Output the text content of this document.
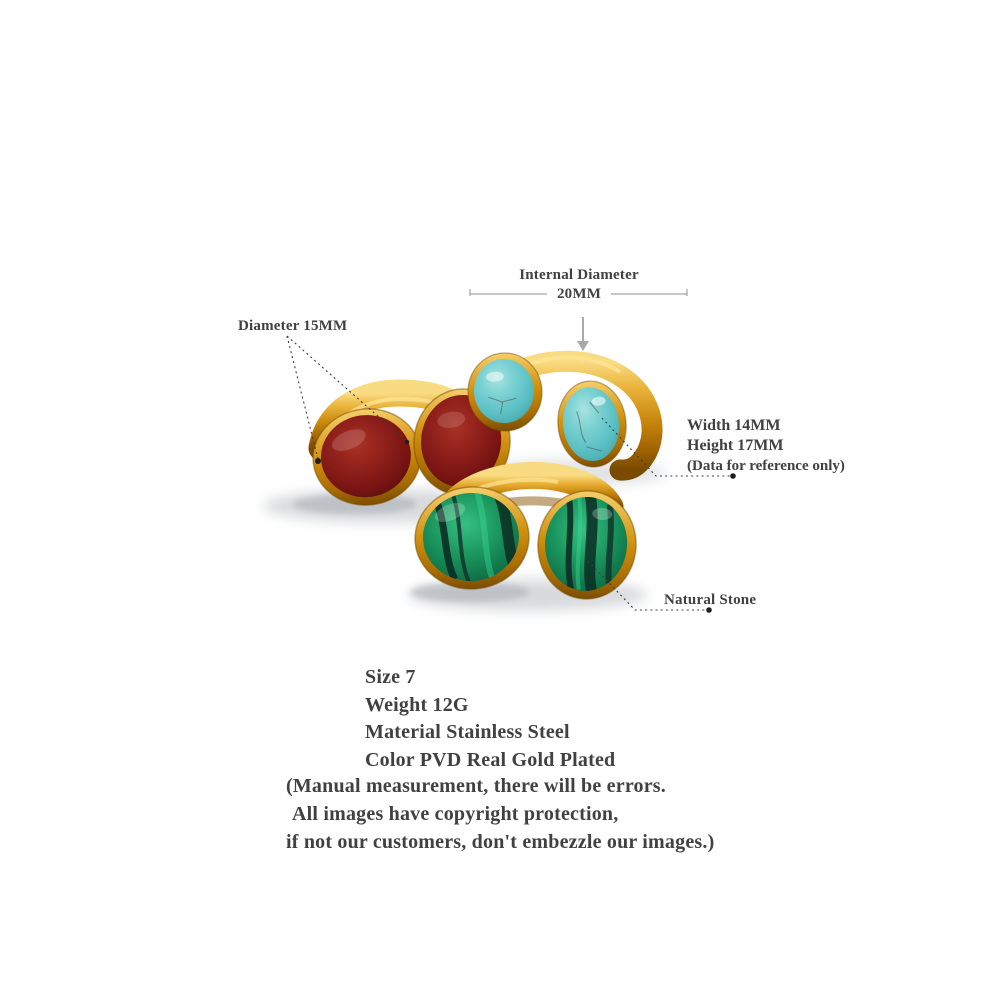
Internal Diameter
20MM
Diameter 15MM
Width 14MM
Height 17MM
(Data for reference only)
Natural Stone
Size 7
Weight 12G
Material Stainless Steel
Color PVD Real Gold Plated
(Manual measurement, there will be errors.
All images have copyright protection,
if not our customers, don't embezzle our images.)
